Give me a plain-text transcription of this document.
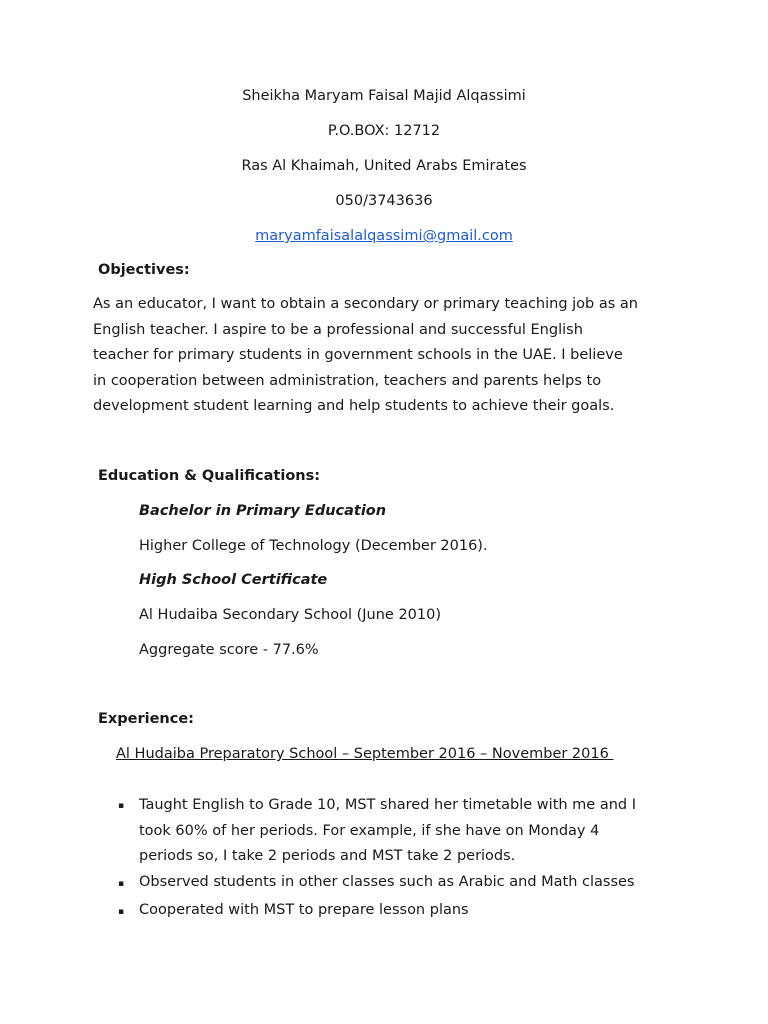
Sheikha Maryam Faisal Majid Alqassimi
P.O.BOX: 12712
Ras Al Khaimah, United Arabs Emirates
050/3743636
maryamfaisalalqassimi@gmail.com
Objectives:
As an educator, I want to obtain a secondary or primary teaching job as an
English teacher. I aspire to be a professional and successful English
teacher for primary students in government schools in the UAE. I believe
in cooperation between administration, teachers and parents helps to
development student learning and help students to achieve their goals.
Education & Qualifications:
Bachelor in Primary Education
Higher College of Technology (December 2016).
High School Certificate
Al Hudaiba Secondary School (June 2010)
Aggregate score - 77.6%
Experience:
Al Hudaiba Preparatory School – September 2016 – November 2016
▪ Taught English to Grade 10, MST shared her timetable with me and I
took 60% of her periods. For example, if she have on Monday 4
periods so, I take 2 periods and MST take 2 periods.
▪ Observed students in other classes such as Arabic and Math classes
▪ Cooperated with MST to prepare lesson plans
